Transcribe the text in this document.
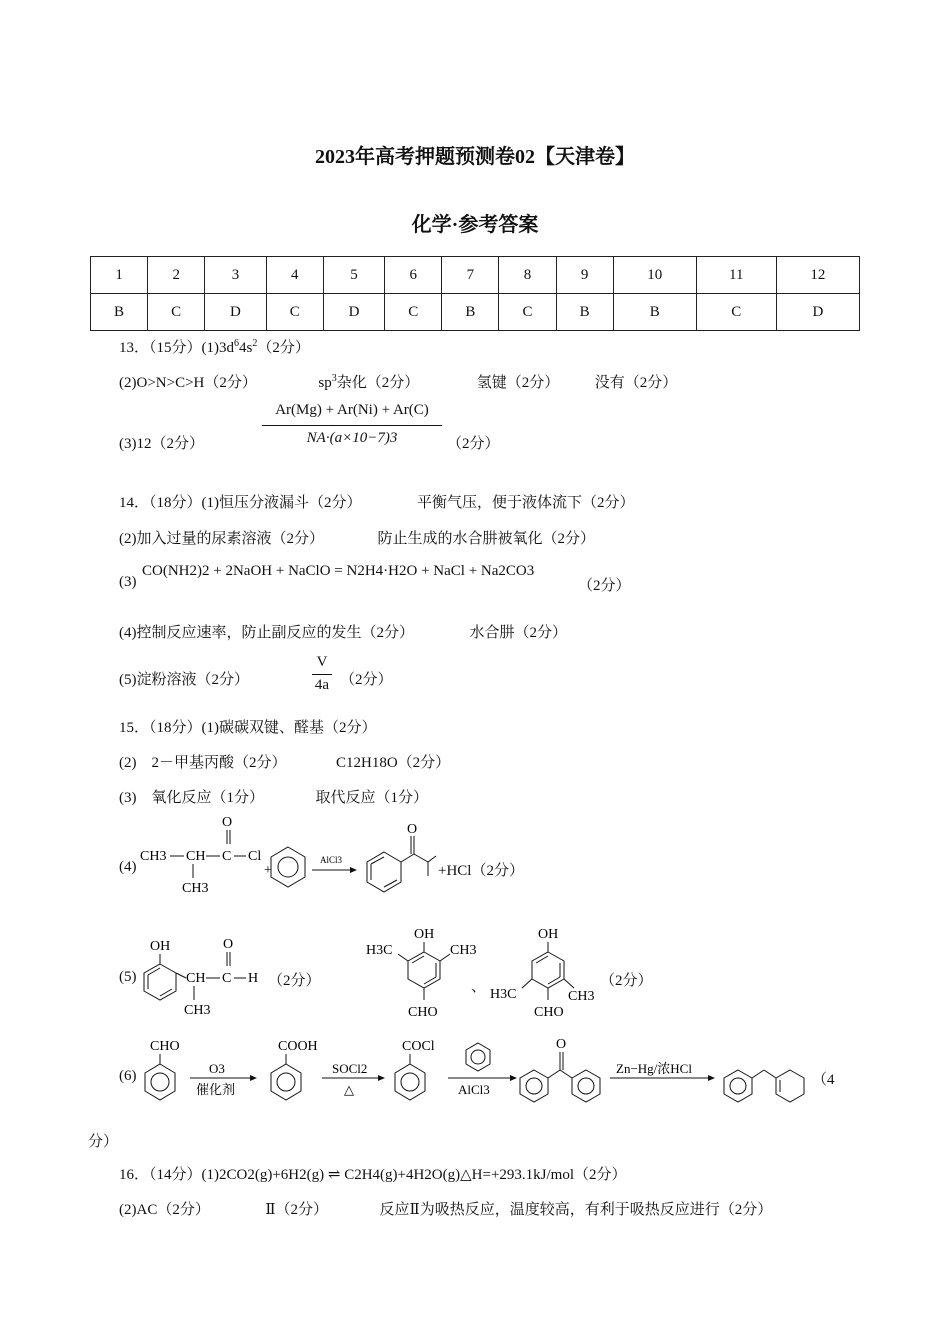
2023年高考押题预测卷02【天津卷】
化学·参考答案
1	2	3	4	5	6	7	8	9	10	11	12
B	C	D	C	D	C	B	C	B	B	C	D
13．（15分）$(1)3d^64s^2(2$分）
(2)O>N>C>H（2分）	$sp^3$杂化（2分）	氢键（2分） 没有（2分）
(3)12（2分）
Ar(Mg) + Ar(Ni) + Ar(C)
NA·(a×10−7)3	（2分）
14．（18分）(1)恒压分液漏斗（2分）	平衡气压，便于液体流下（2分）
(2)加入过量的尿素溶液（2分）	防止生成的水合肼被氧化（2分）
(3)
CO(NH2)2 + 2NaOH + NaClO = N2H4·H2O + NaCl + Na2CO3
（2分）
(4)控制反应速率，防止副反应的发生（2分）	水合肼（2分）
(5)淀粉溶液（2分）
V
4a （2分）
15．（18分）(1)碳碳双键、醛基（2分）
(2)　2－甲基丙酸（2分）	C12H18O（2分）
(3)　氧化反应（1分）	取代反应（1分）
(4)
CH3 CH C
O
Cl
CH3
+
AlCl3
O
+HCl（2分）
(5)
OH
CH C
O
H
CH3
（2分）
OH
H3C	CH3
CHO
、
OH
H3C	CH3
CHO
（2分）
(6)
CHO
O3
催化剂
COOH
SOCl2
△
COCl
AlCl3
O
Zn−Hg/浓HCl
（4
分）
16．（14分）(1)2CO2(g)+6H2(g) ⇌ C2H4(g)+4H2O(g)△H=+293.1kJ/mol（2分）
(2)AC（2分）	Ⅱ（2分）	反应Ⅱ为吸热反应，温度较高，有利于吸热反应进行（2分）
